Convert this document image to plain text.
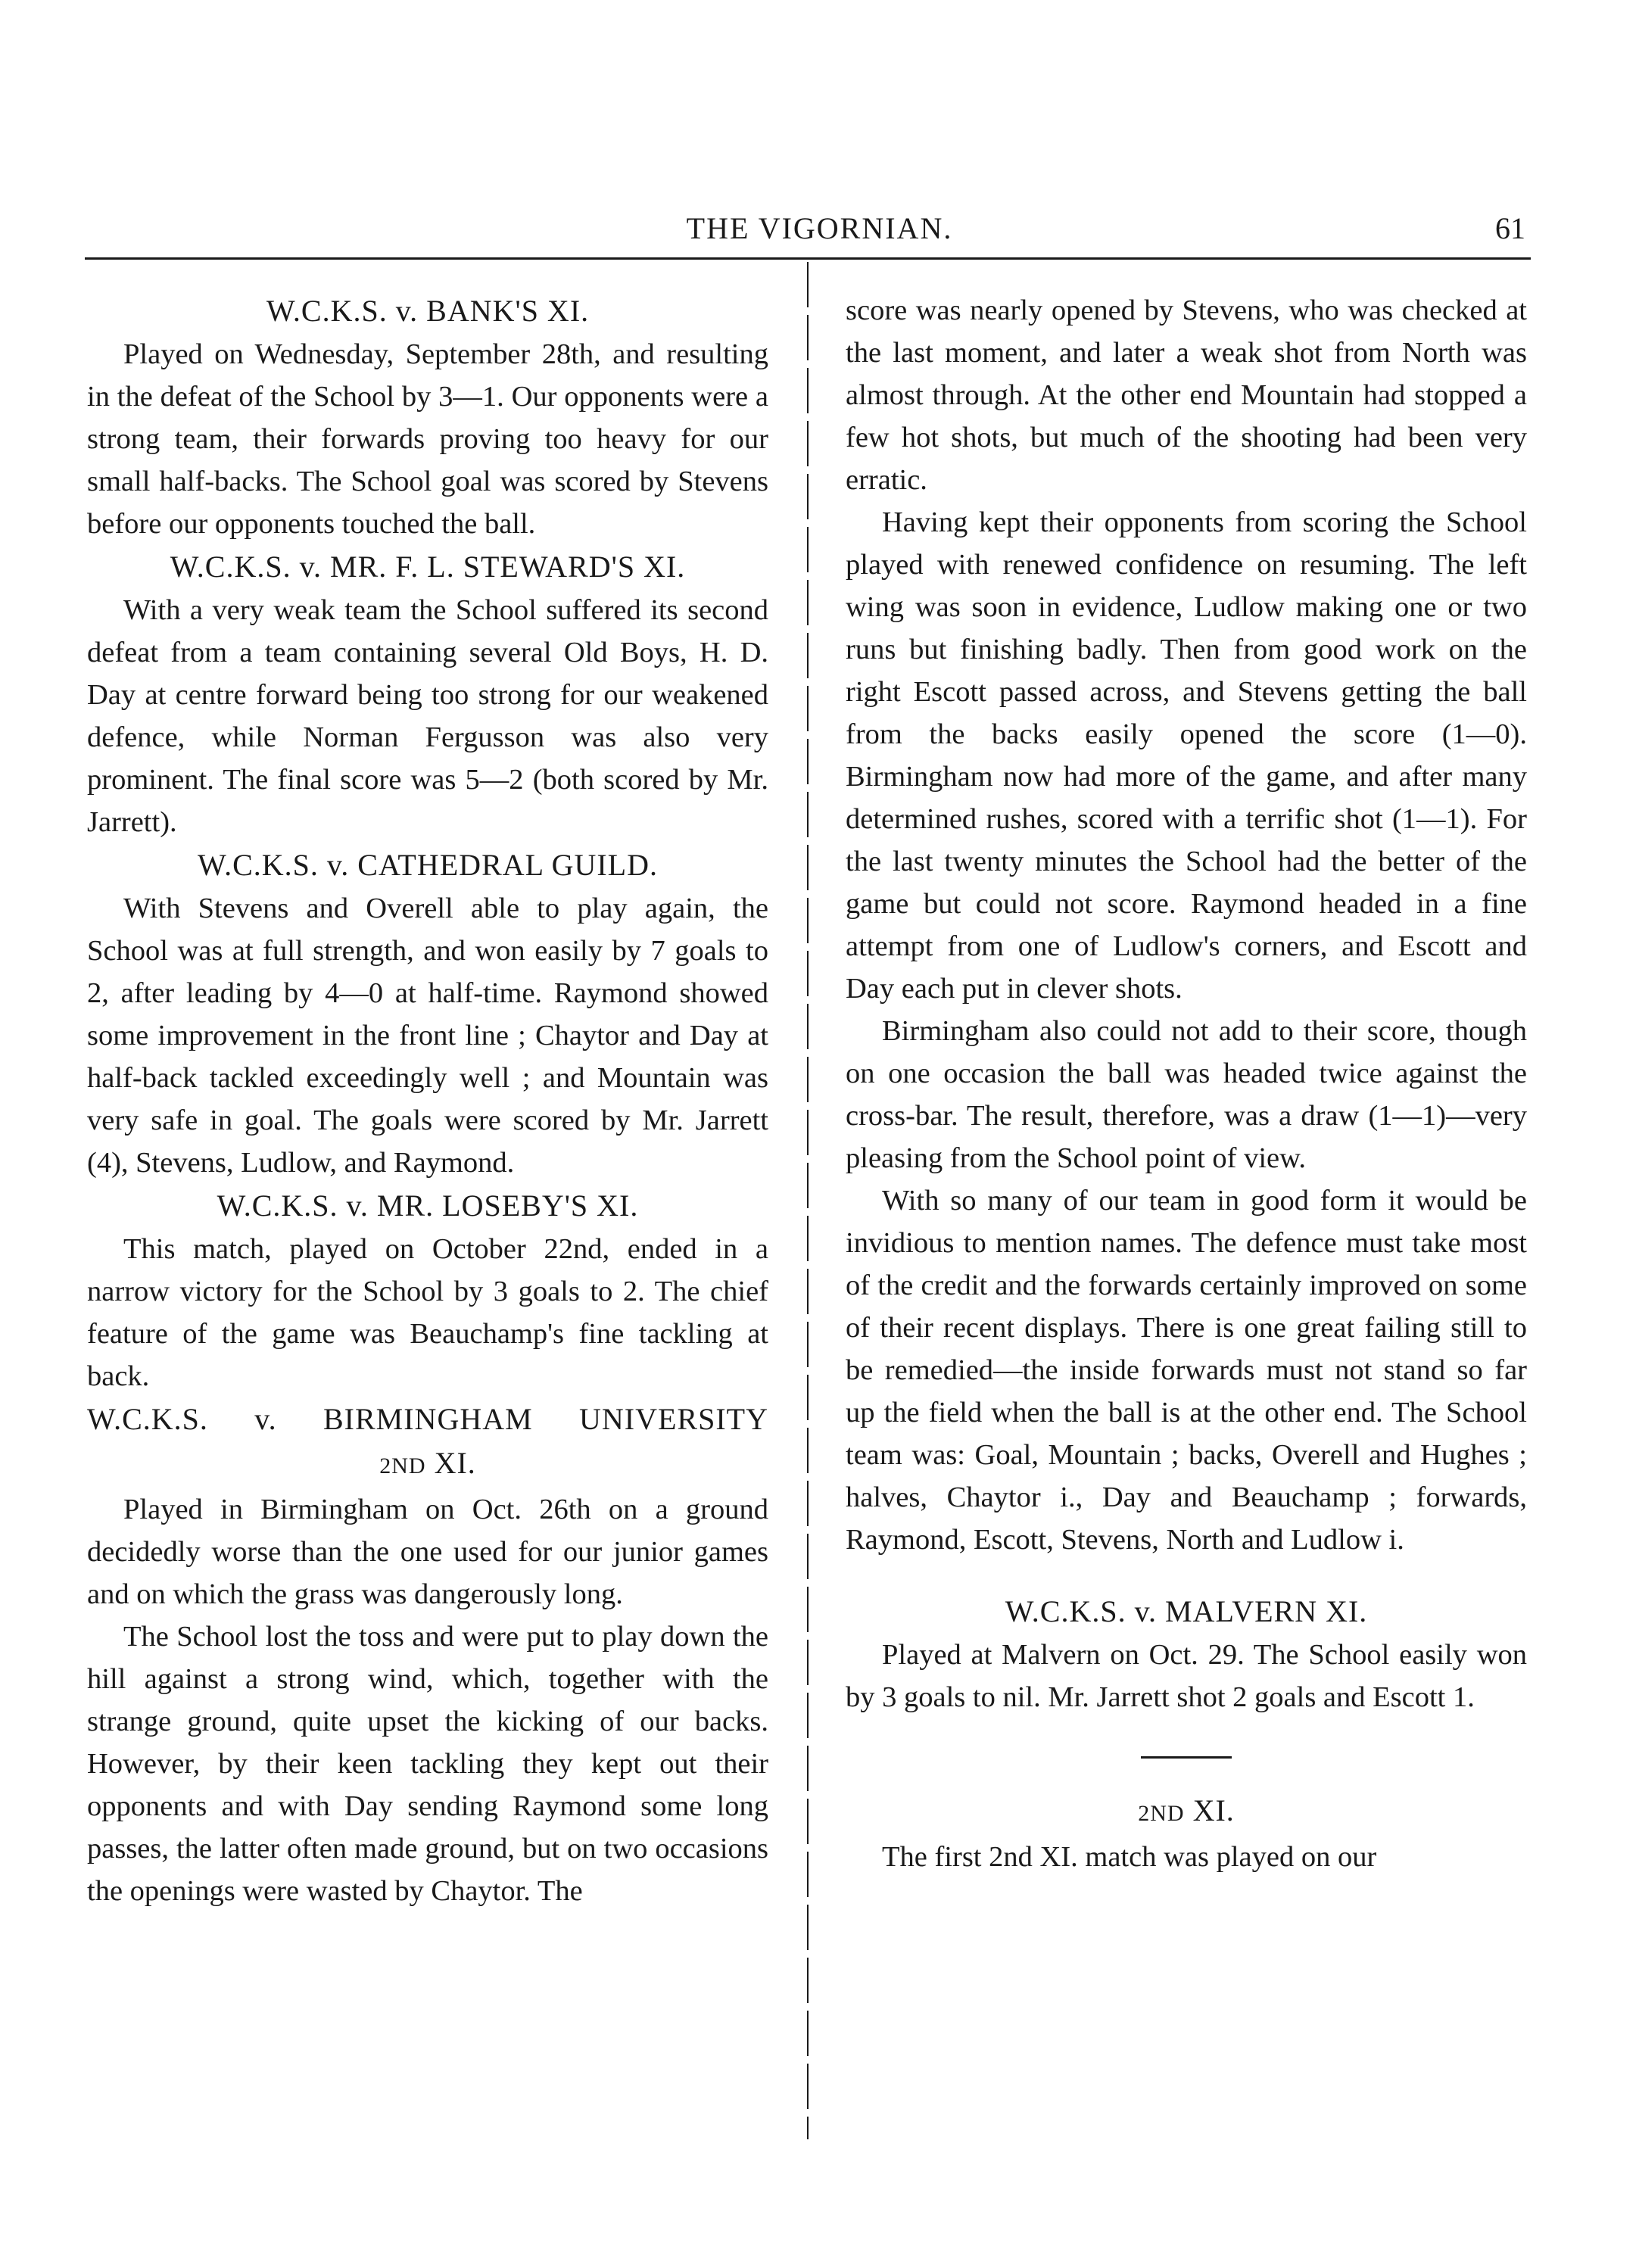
THE VIGORNIAN.	61
W.C.K.S. v. BANK'S XI.

Played on Wednesday, September 28th, and resulting in the defeat of the School by 3—1. Our opponents were a strong team, their forwards proving too heavy for our small half-backs. The School goal was scored by Stevens before our opponents touched the ball.

W.C.K.S. v. MR. F. L. STEWARD'S XI.

With a very weak team the School suffered its second defeat from a team containing several Old Boys, H. D. Day at centre forward being too strong for our weakened defence, while Norman Fergusson was also very prominent. The final score was 5—2 (both scored by Mr. Jarrett).

W.C.K.S. v. CATHEDRAL GUILD.

With Stevens and Overell able to play again, the School was at full strength, and won easily by 7 goals to 2, after leading by 4—0 at half-time. Raymond showed some improvement in the front line ; Chaytor and Day at half-back tackled exceedingly well ; and Mountain was very safe in goal. The goals were scored by Mr. Jarrett (4), Stevens, Ludlow, and Raymond.

W.C.K.S. v. MR. LOSEBY'S XI.

This match, played on October 22nd, ended in a narrow victory for the School by 3 goals to 2. The chief feature of the game was Beauchamp's fine tackling at back.

W.C.K.S. v. BIRMINGHAM UNIVERSITY
2ND XI.

Played in Birmingham on Oct. 26th on a ground decidedly worse than the one used for our junior games and on which the grass was dangerously long.

The School lost the toss and were put to play down the hill against a strong wind, which, together with the strange ground, quite upset the kicking of our backs. However, by their keen tackling they kept out their opponents and with Day sending Raymond some long passes, the latter often made ground, but on two occasions the openings were wasted by Chaytor. The

score was nearly opened by Stevens, who was checked at the last moment, and later a weak shot from North was almost through. At the other end Mountain had stopped a few hot shots, but much of the shooting had been very erratic.

Having kept their opponents from scoring the School played with renewed confidence on resuming. The left wing was soon in evidence, Ludlow making one or two runs but finishing badly. Then from good work on the right Escott passed across, and Stevens getting the ball from the backs easily opened the score (1—0). Birmingham now had more of the game, and after many determined rushes, scored with a terrific shot (1—1). For the last twenty minutes the School had the better of the game but could not score. Raymond headed in a fine attempt from one of Ludlow's corners, and Escott and Day each put in clever shots.

Birmingham also could not add to their score, though on one occasion the ball was headed twice against the cross-bar. The result, therefore, was a draw (1—1)—very pleasing from the School point of view.

With so many of our team in good form it would be invidious to mention names. The defence must take most of the credit and the forwards certainly improved on some of their recent displays. There is one great failing still to be remedied—the inside forwards must not stand so far up the field when the ball is at the other end. The School team was: Goal, Mountain ; backs, Overell and Hughes ; halves, Chaytor i., Day and Beauchamp ; forwards, Raymond, Escott, Stevens, North and Ludlow i.

W.C.K.S. v. MALVERN XI.

Played at Malvern on Oct. 29. The School easily won by 3 goals to nil. Mr. Jarrett shot 2 goals and Escott 1.

2ND XI.

The first 2nd XI. match was played on our
